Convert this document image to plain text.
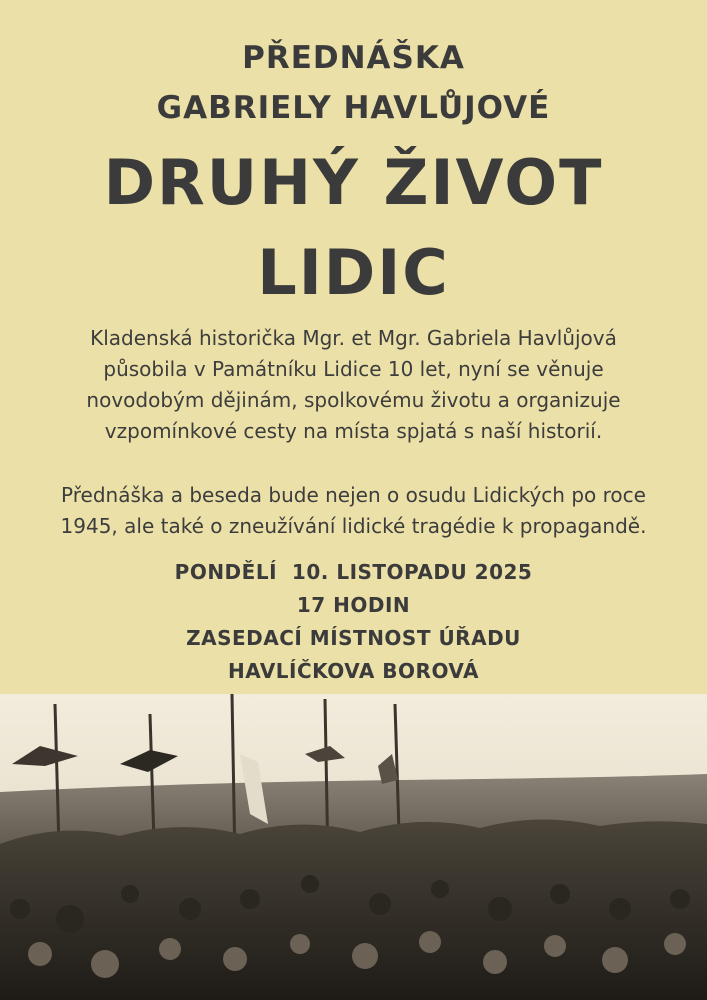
PŘEDNÁŠKA
GABRIELY HAVLŮJOVÉ
DRUHÝ ŽIVOT
LIDIC
Kladenská historička Mgr. et Mgr. Gabriela Havlůjová
působila v Památníku Lidice 10 let, nyní se věnuje
novodobým dějinám, spolkovému životu a organizuje
vzpomínkové cesty na místa spjatá s naší historií.
Přednáška a beseda bude nejen o osudu Lidických po roce
1945, ale také o zneužívání lidické tragédie k propagandě.
PONDĚLÍ  10. LISTOPADU 2025
17 HODIN
ZASEDACÍ MÍSTNOST ÚŘADU
HAVLÍČKOVA BOROVÁ
